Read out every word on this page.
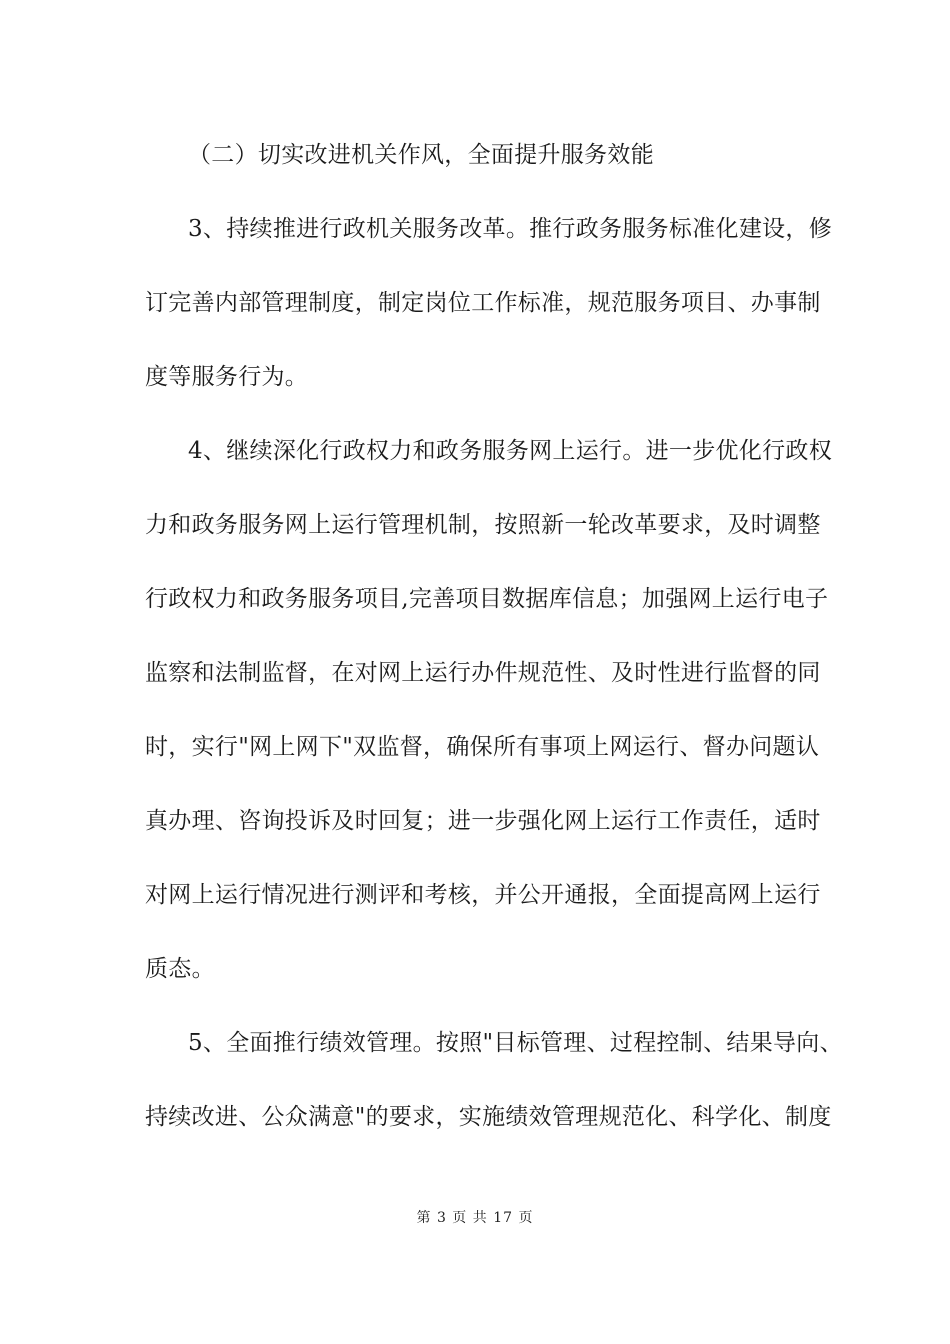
（二）切实改进机关作风，全面提升服务效能
3、持续推进行政机关服务改革。推行政务服务标准化建设，修
订完善内部管理制度，制定岗位工作标准，规范服务项目、办事制
度等服务行为。
4、继续深化行政权力和政务服务网上运行。进一步优化行政权
力和政务服务网上运行管理机制，按照新一轮改革要求，及时调整
行政权力和政务服务项目,完善项目数据库信息；加强网上运行电子
监察和法制监督，在对网上运行办件规范性、及时性进行监督的同
时，实行"网上网下"双监督，确保所有事项上网运行、督办问题认
真办理、咨询投诉及时回复；进一步强化网上运行工作责任，适时
对网上运行情况进行测评和考核，并公开通报，全面提高网上运行
质态。
5、全面推行绩效管理。按照"目标管理、过程控制、结果导向、
持续改进、公众满意"的要求，实施绩效管理规范化、科学化、制度
第 3 页 共 17 页
